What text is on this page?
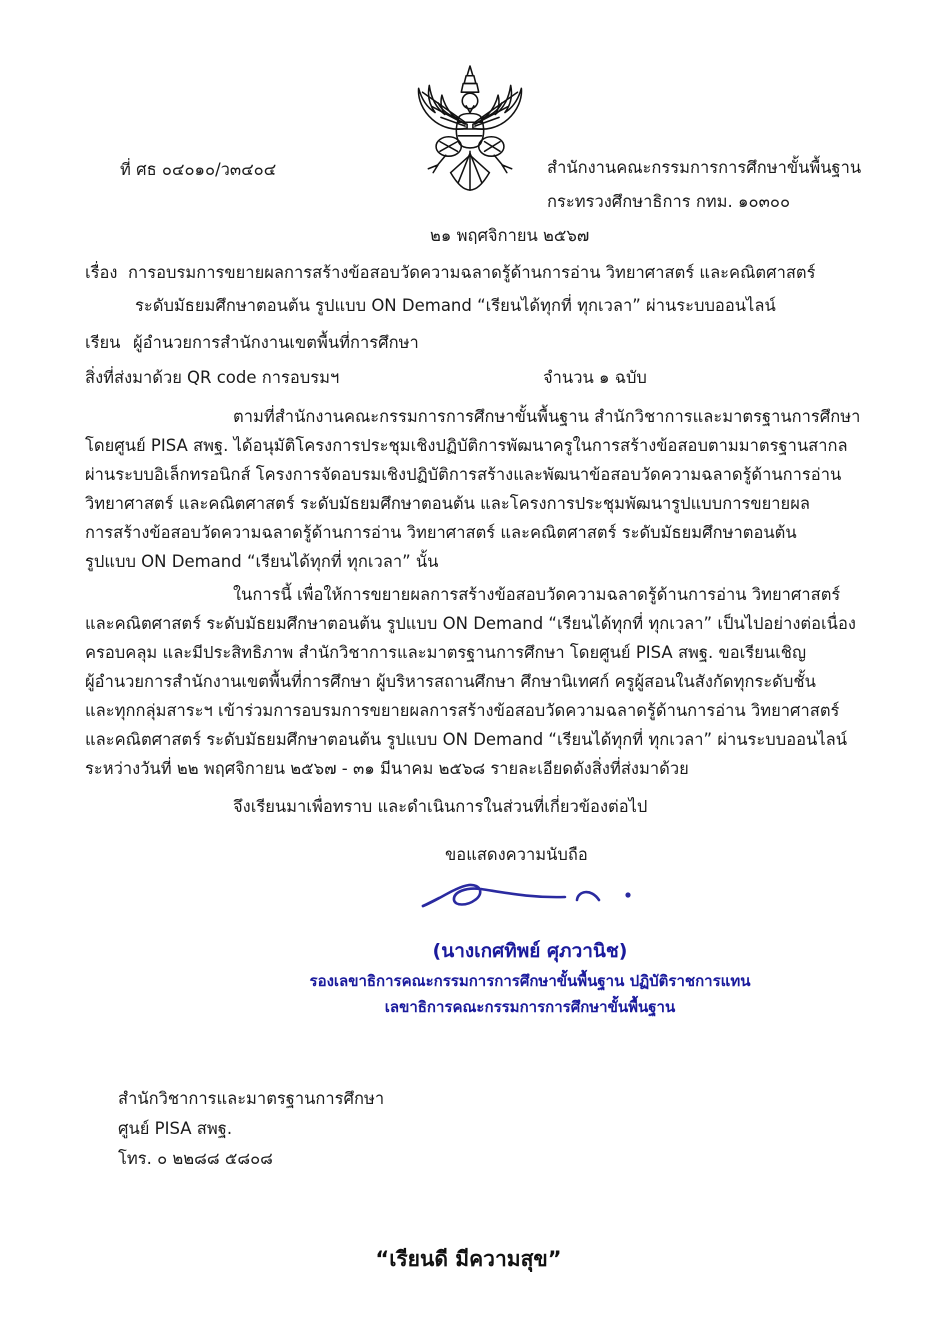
ที่ ศธ ๐๔๐๑๐/ว๓๔๐๔	สำนักงานคณะกรรมการการศึกษาขั้นพื้นฐาน
กระทรวงศึกษาธิการ กทม. ๑๐๓๐๐
๒๑ พฤศจิกายน ๒๕๖๗
เรื่อง การอบรมการขยายผลการสร้างข้อสอบวัดความฉลาดรู้ด้านการอ่าน วิทยาศาสตร์ และคณิตศาสตร์
ระดับมัธยมศึกษาตอนต้น รูปแบบ ON Demand “เรียนได้ทุกที่ ทุกเวลา” ผ่านระบบออนไลน์
เรียน ผู้อำนวยการสำนักงานเขตพื้นที่การศึกษา
สิ่งที่ส่งมาด้วย QR code การอบรมฯ	จำนวน ๑ ฉบับ
ตามที่สำนักงานคณะกรรมการการศึกษาขั้นพื้นฐาน สำนักวิชาการและมาตรฐานการศึกษา
โดยศูนย์ PISA สพฐ. ได้อนุมัติโครงการประชุมเชิงปฏิบัติการพัฒนาครูในการสร้างข้อสอบตามมาตรฐานสากล
ผ่านระบบอิเล็กทรอนิกส์ โครงการจัดอบรมเชิงปฏิบัติการสร้างและพัฒนาข้อสอบวัดความฉลาดรู้ด้านการอ่าน
วิทยาศาสตร์ และคณิตศาสตร์ ระดับมัธยมศึกษาตอนต้น และโครงการประชุมพัฒนารูปแบบการขยายผล
การสร้างข้อสอบวัดความฉลาดรู้ด้านการอ่าน วิทยาศาสตร์ และคณิตศาสตร์ ระดับมัธยมศึกษาตอนต้น
รูปแบบ ON Demand “เรียนได้ทุกที่ ทุกเวลา” นั้น
ในการนี้ เพื่อให้การขยายผลการสร้างข้อสอบวัดความฉลาดรู้ด้านการอ่าน วิทยาศาสตร์
และคณิตศาสตร์ ระดับมัธยมศึกษาตอนต้น รูปแบบ ON Demand “เรียนได้ทุกที่ ทุกเวลา” เป็นไปอย่างต่อเนื่อง
ครอบคลุม และมีประสิทธิภาพ สำนักวิชาการและมาตรฐานการศึกษา โดยศูนย์ PISA สพฐ. ขอเรียนเชิญ
ผู้อำนวยการสำนักงานเขตพื้นที่การศึกษา ผู้บริหารสถานศึกษา ศึกษานิเทศก์ ครูผู้สอนในสังกัดทุกระดับชั้น
และทุกกลุ่มสาระฯ เข้าร่วมการอบรมการขยายผลการสร้างข้อสอบวัดความฉลาดรู้ด้านการอ่าน วิทยาศาสตร์
และคณิตศาสตร์ ระดับมัธยมศึกษาตอนต้น รูปแบบ ON Demand “เรียนได้ทุกที่ ทุกเวลา” ผ่านระบบออนไลน์
ระหว่างวันที่ ๒๒ พฤศจิกายน ๒๕๖๗ - ๓๑ มีนาคม ๒๕๖๘ รายละเอียดดังสิ่งที่ส่งมาด้วย
จึงเรียนมาเพื่อทราบ และดำเนินการในส่วนที่เกี่ยวข้องต่อไป
ขอแสดงความนับถือ
(นางเกศทิพย์ ศุภวานิช)
รองเลขาธิการคณะกรรมการการศึกษาขั้นพื้นฐาน ปฏิบัติราชการแทน
เลขาธิการคณะกรรมการการศึกษาขั้นพื้นฐาน
สำนักวิชาการและมาตรฐานการศึกษา
ศูนย์ PISA สพฐ.
โทร. ๐ ๒๒๘๘ ๕๘๐๘
“เรียนดี มีความสุข”
